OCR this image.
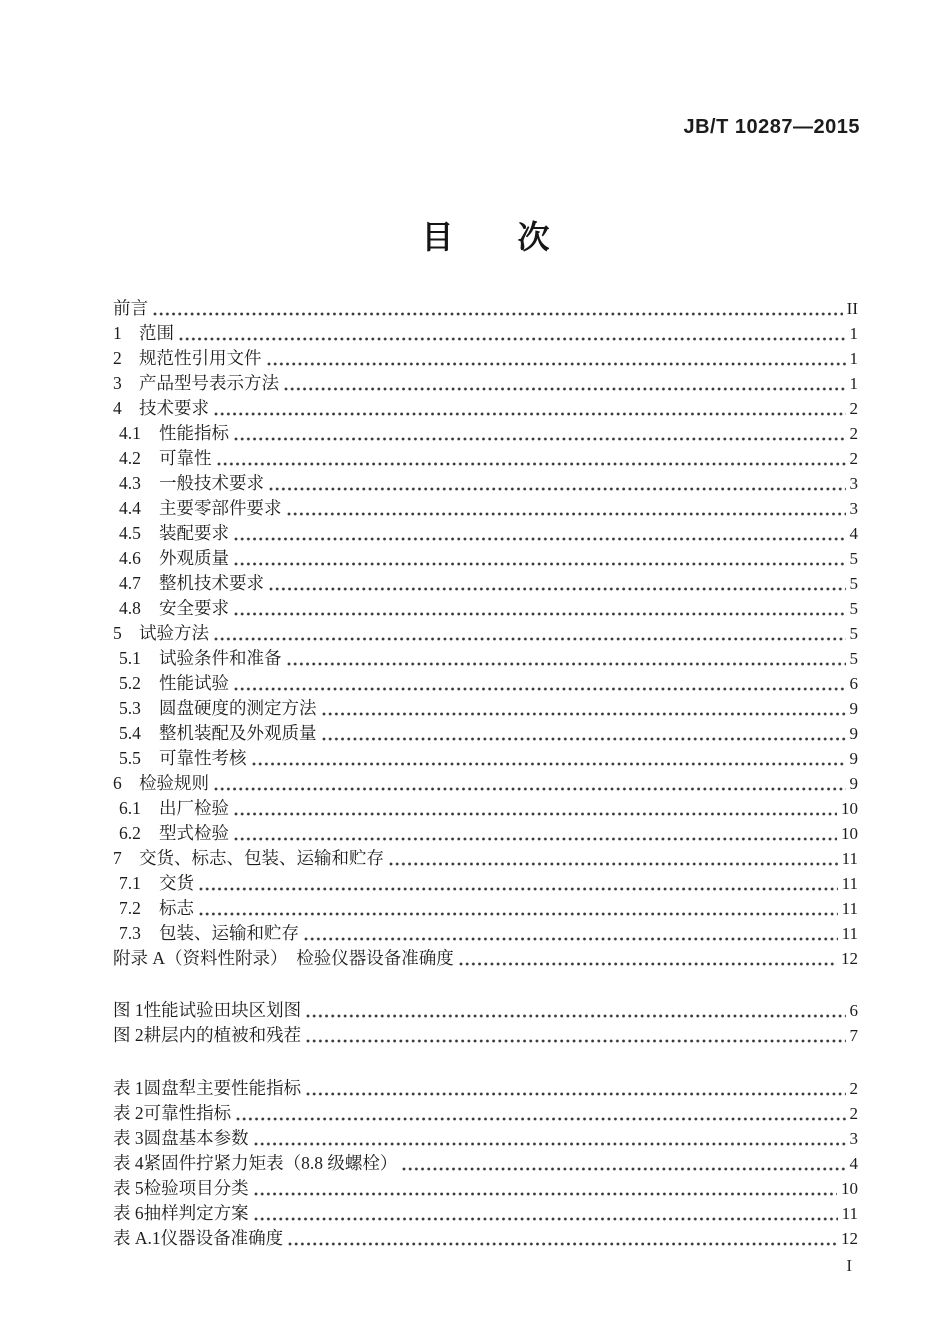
JB/T 10287—2015
目　　次
前言	II
1 范围	1
2 规范性引用文件	1
3 产品型号表示方法	1
4 技术要求	2
4.1	性能指标	2
4.2	可靠性	2
4.3	一般技术要求	3
4.4	主要零部件要求	3
4.5	装配要求	4
4.6	外观质量	5
4.7	整机技术要求	5
4.8	安全要求	5
5 试验方法	5
5.1	试验条件和准备	5
5.2	性能试验	6
5.3	圆盘硬度的测定方法	9
5.4	整机装配及外观质量	9
5.5	可靠性考核	9
6 检验规则	9
6.1	出厂检验	10
6.2	型式检验	10
7 交货、标志、包装、运输和贮存	11
7.1	交货	11
7.2	标志	11
7.3	包装、运输和贮存	11
附录 A（资料性附录）　检验仪器设备准确度	12
图 1 性能试验田块区划图	6
图 2 耕层内的植被和残茬	7
表 1 圆盘犁主要性能指标	2
表 2 可靠性指标	2
表 3 圆盘基本参数	3
表 4 紧固件拧紧力矩表（8.8 级螺栓）	4
表 5 检验项目分类	10
表 6 抽样判定方案	11
表 A.1 仪器设备准确度	12
I
